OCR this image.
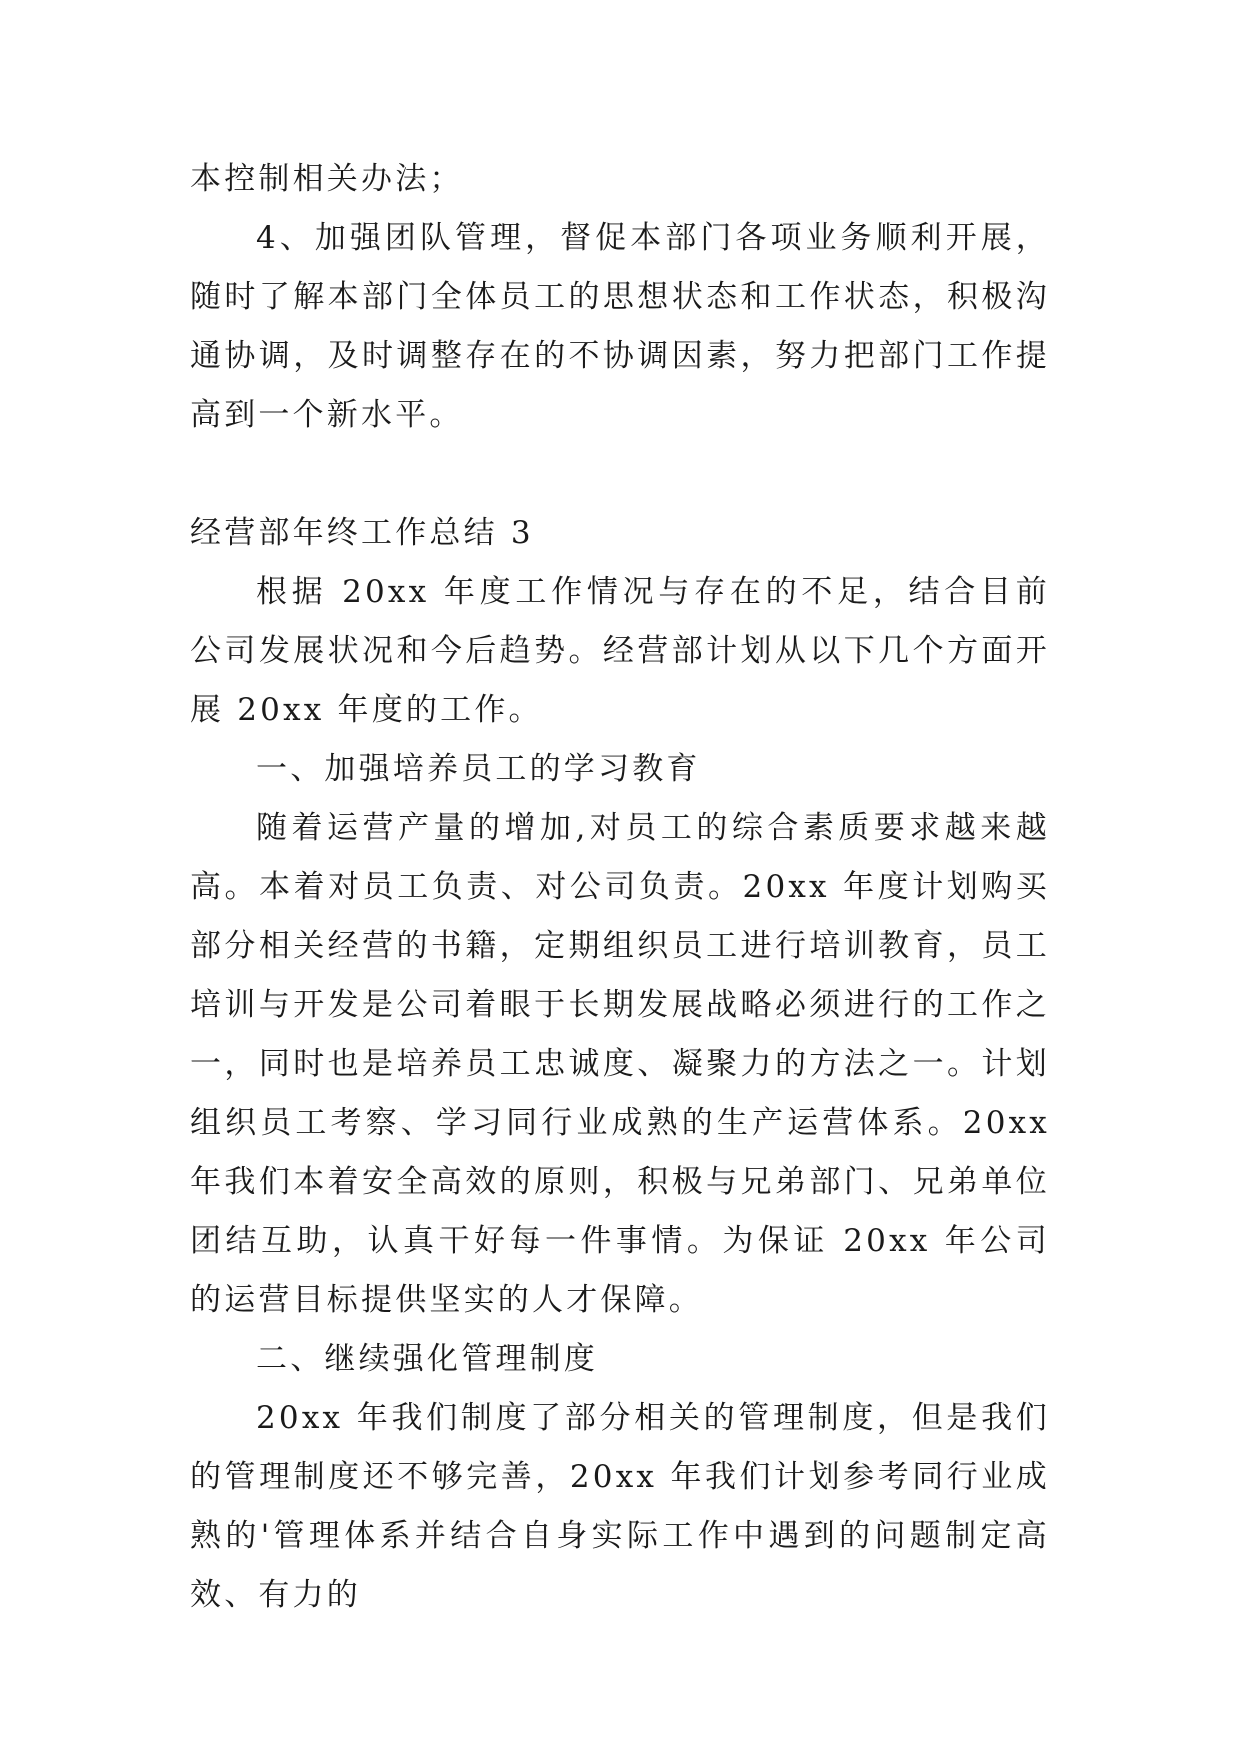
本控制相关办法；

4、加强团队管理，督促本部门各项业务顺利开展，随时了解本部门全体员工的思想状态和工作状态，积极沟通协调，及时调整存在的不协调因素，努力把部门工作提高到一个新水平。

经营部年终工作总结 3

根据 20xx 年度工作情况与存在的不足，结合目前公司发展状况和今后趋势。经营部计划从以下几个方面开展 20xx 年度的工作。

一、加强培养员工的学习教育

随着运营产量的增加,对员工的综合素质要求越来越高。本着对员工负责、对公司负责。20xx 年度计划购买部分相关经营的书籍，定期组织员工进行培训教育，员工培训与开发是公司着眼于长期发展战略必须进行的工作之一，同时也是培养员工忠诚度、凝聚力的方法之一。计划组织员工考察、学习同行业成熟的生产运营体系。20xx 年我们本着安全高效的原则，积极与兄弟部门、兄弟单位团结互助，认真干好每一件事情。为保证 20xx 年公司的运营目标提供坚实的人才保障。

二、继续强化管理制度

20xx 年我们制度了部分相关的管理制度，但是我们的管理制度还不够完善，20xx 年我们计划参考同行业成熟的'管理体系并结合自身实际工作中遇到的问题制定高效、有力的
